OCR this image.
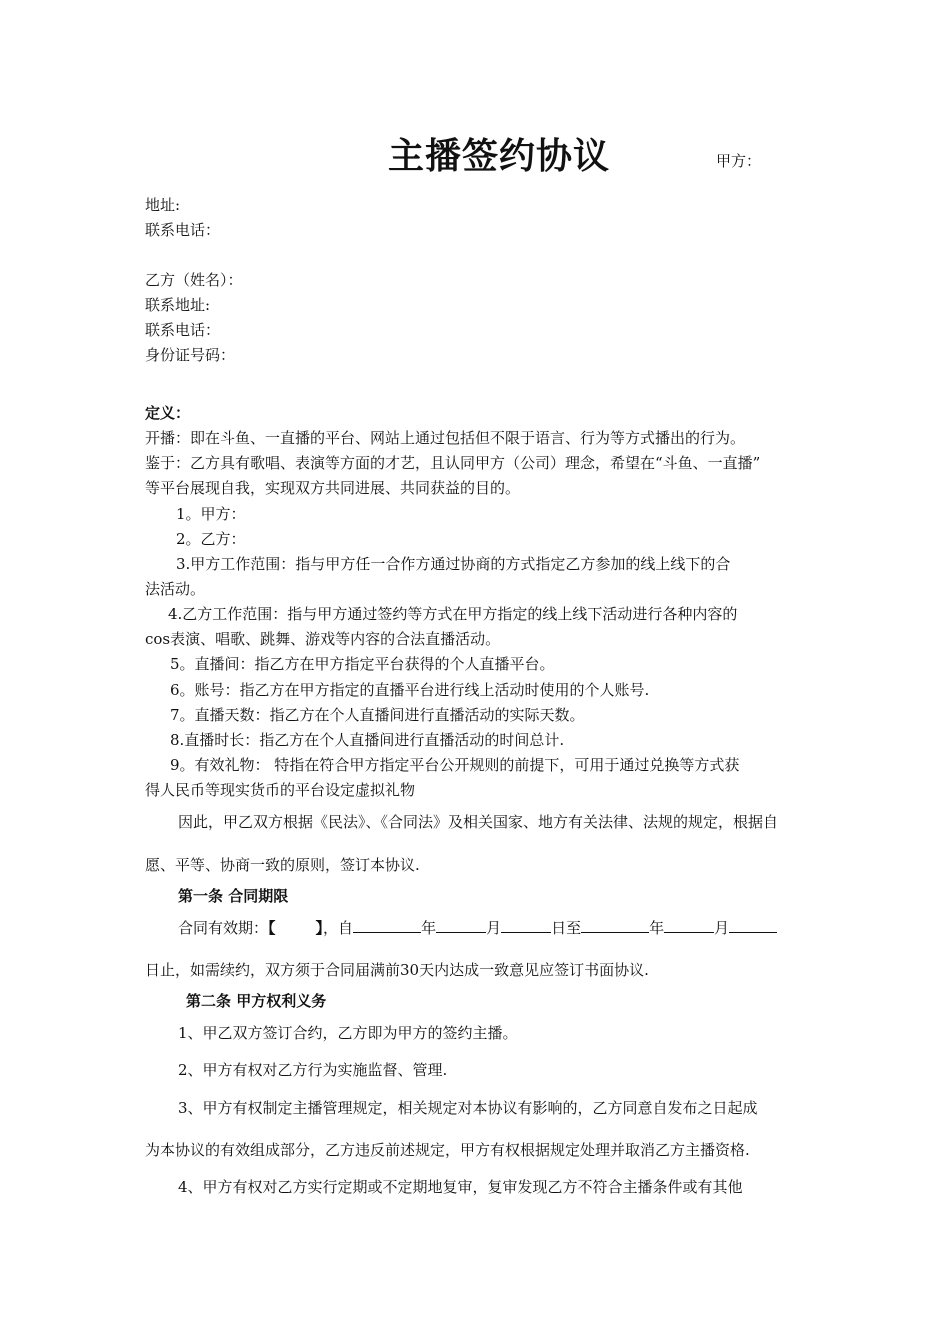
主播签约协议	甲方：
地址:
联系电话：
乙方（姓名）：
联系地址:
联系电话：
身份证号码：
定义：
开播：即在斗鱼、一直播的平台、网站上通过包括但不限于语言、行为等方式播出的行为。
鉴于：乙方具有歌唱、表演等方面的才艺，且认同甲方（公司）理念，希望在“斗鱼、一直播”
等平台展现自我，实现双方共同进展、共同获益的目的。
1。甲方：
2。乙方：
3.甲方工作范围：指与甲方任一合作方通过协商的方式指定乙方参加的线上线下的合
法活动。
4.乙方工作范围：指与甲方通过签约等方式在甲方指定的线上线下活动进行各种内容的
cos表演、唱歌、跳舞、游戏等内容的合法直播活动。
5。直播间：指乙方在甲方指定平台获得的个人直播平台。
6。账号：指乙方在甲方指定的直播平台进行线上活动时使用的个人账号.
7。直播天数：指乙方在个人直播间进行直播活动的实际天数。
8.直播时长：指乙方在个人直播间进行直播活动的时间总计.
9。有效礼物： 特指在符合甲方指定平台公开规则的前提下，可用于通过兑换等方式获
得人民币等现实货币的平台设定虚拟礼物
因此，甲乙双方根据《民法》、《合同法》及相关国家、地方有关法律、法规的规定，根据自
愿、平等、协商一致的原则，签订本协议.
第一条 合同期限
合同有效期：【	】，自	年	月	日至	年	月
日止，如需续约，双方须于合同届满前30天内达成一致意见应签订书面协议.
第二条 甲方权利义务
1、甲乙双方签订合约，乙方即为甲方的签约主播。
2、甲方有权对乙方行为实施监督、管理.
3、甲方有权制定主播管理规定，相关规定对本协议有影响的，乙方同意自发布之日起成
为本协议的有效组成部分，乙方违反前述规定，甲方有权根据规定处理并取消乙方主播资格.
4、甲方有权对乙方实行定期或不定期地复审，复审发现乙方不符合主播条件或有其他
